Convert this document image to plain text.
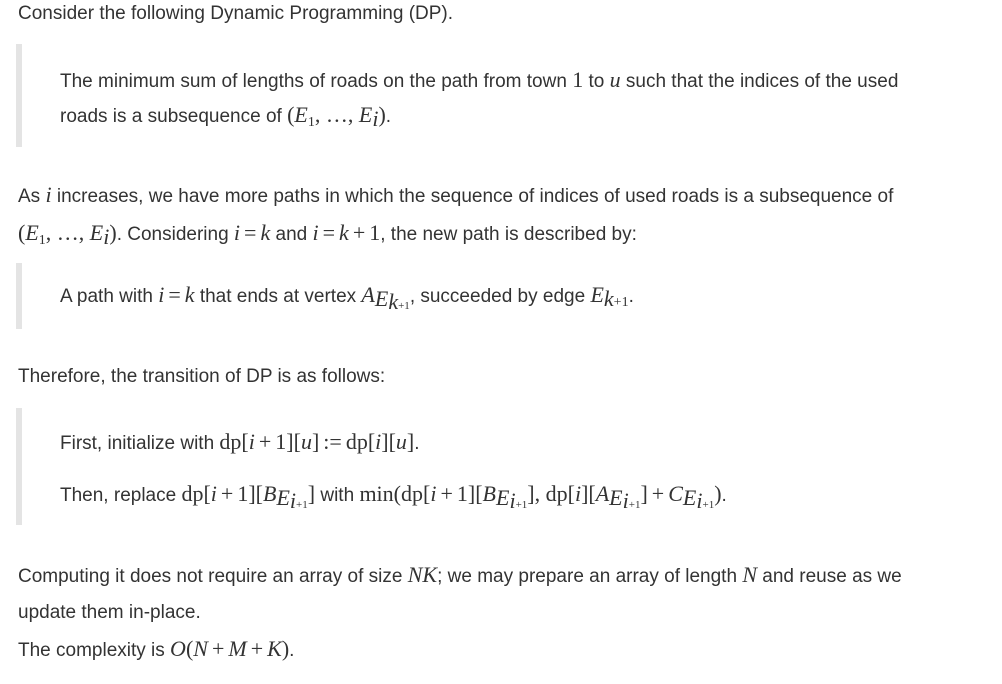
Consider the following Dynamic Programming (DP).
The minimum sum of lengths of roads on the path from town 1 to u such that the indices of the used
roads is a subsequence of ($E_1$, …, $E_i$).
As i increases, we have more paths in which the sequence of indices of used roads is a subsequence of
($E_1$, …, $E_i$). Considering i = k and i = k + 1, the new path is described by:
A path with i = k that ends at vertex $A_{E_{k+1}}$, succeeded by edge $E_{k+1}$.
Therefore, the transition of DP is as follows:
First, initialize with dp[i + 1][u] := dp[i][u].
Then, replace $dp[i + 1][B_{E_{i+1}}]$ with $\min(dp[i + 1][B_{E_{i+1}}]$, $dp[i][A_{E_{i+1}}] + C_{E_{i+1}}$).
Computing it does not require an array of size NK; we may prepare an array of length N and reuse as we
update them in-place.
The complexity is O(N + M + K).
